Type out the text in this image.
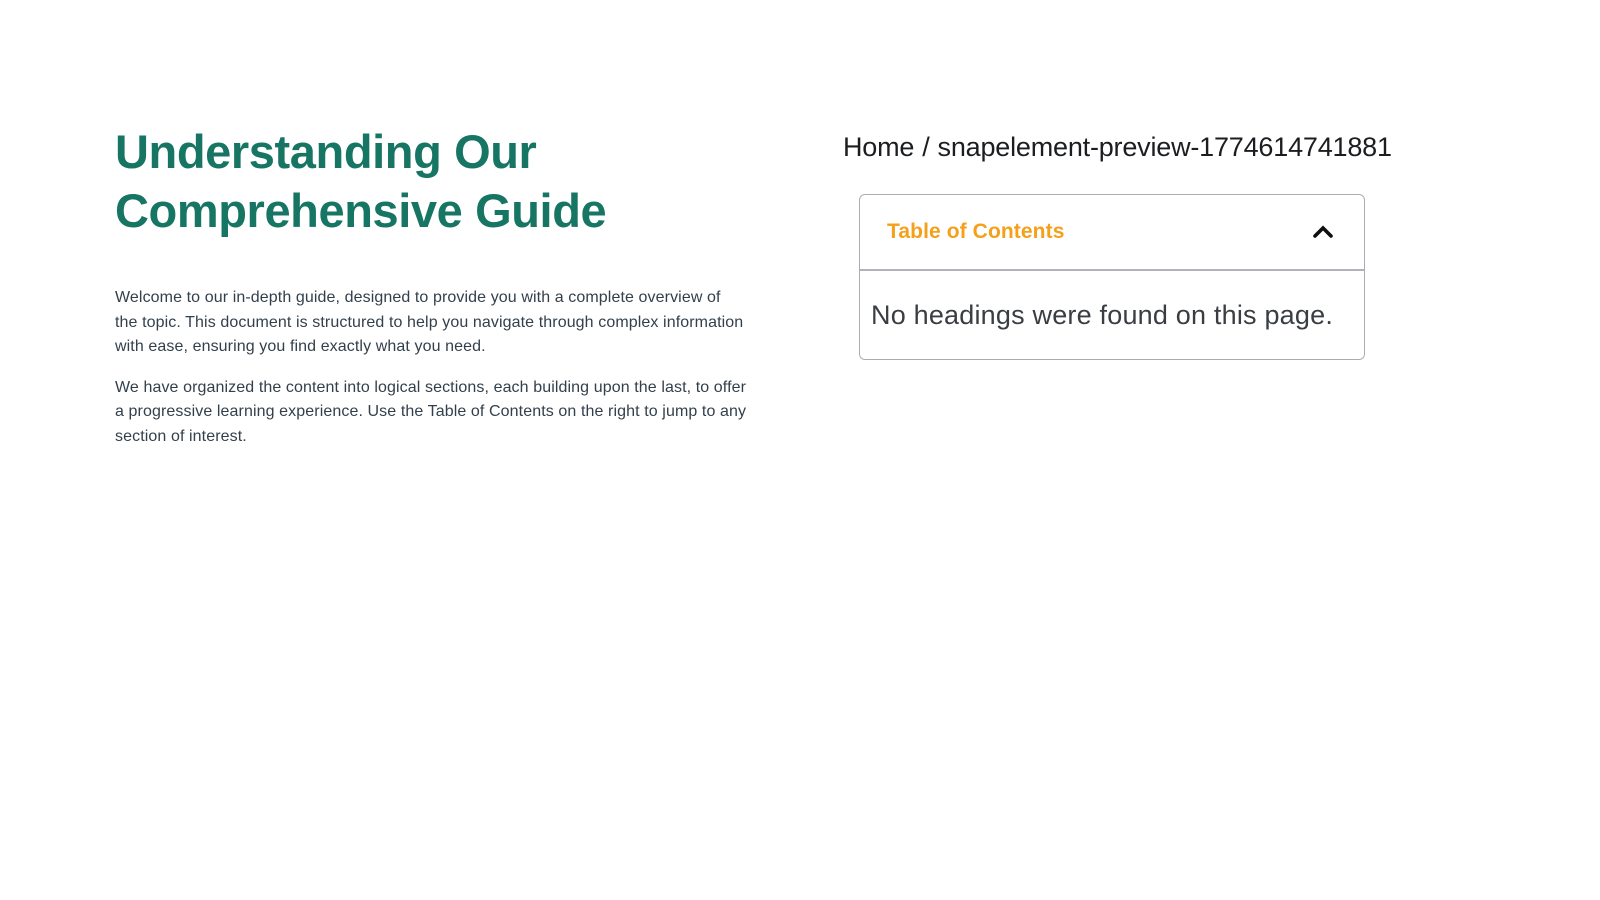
Understanding Our Comprehensive Guide

Welcome to our in-depth guide, designed to provide you with a complete overview of the topic. This document is structured to help you navigate through complex information with ease, ensuring you find exactly what you need.

We have organized the content into logical sections, each building upon the last, to offer a progressive learning experience. Use the Table of Contents on the right to jump to any section of interest.

Home / snapelement-preview-1774614741881
Table of Contents
No headings were found on this page.
